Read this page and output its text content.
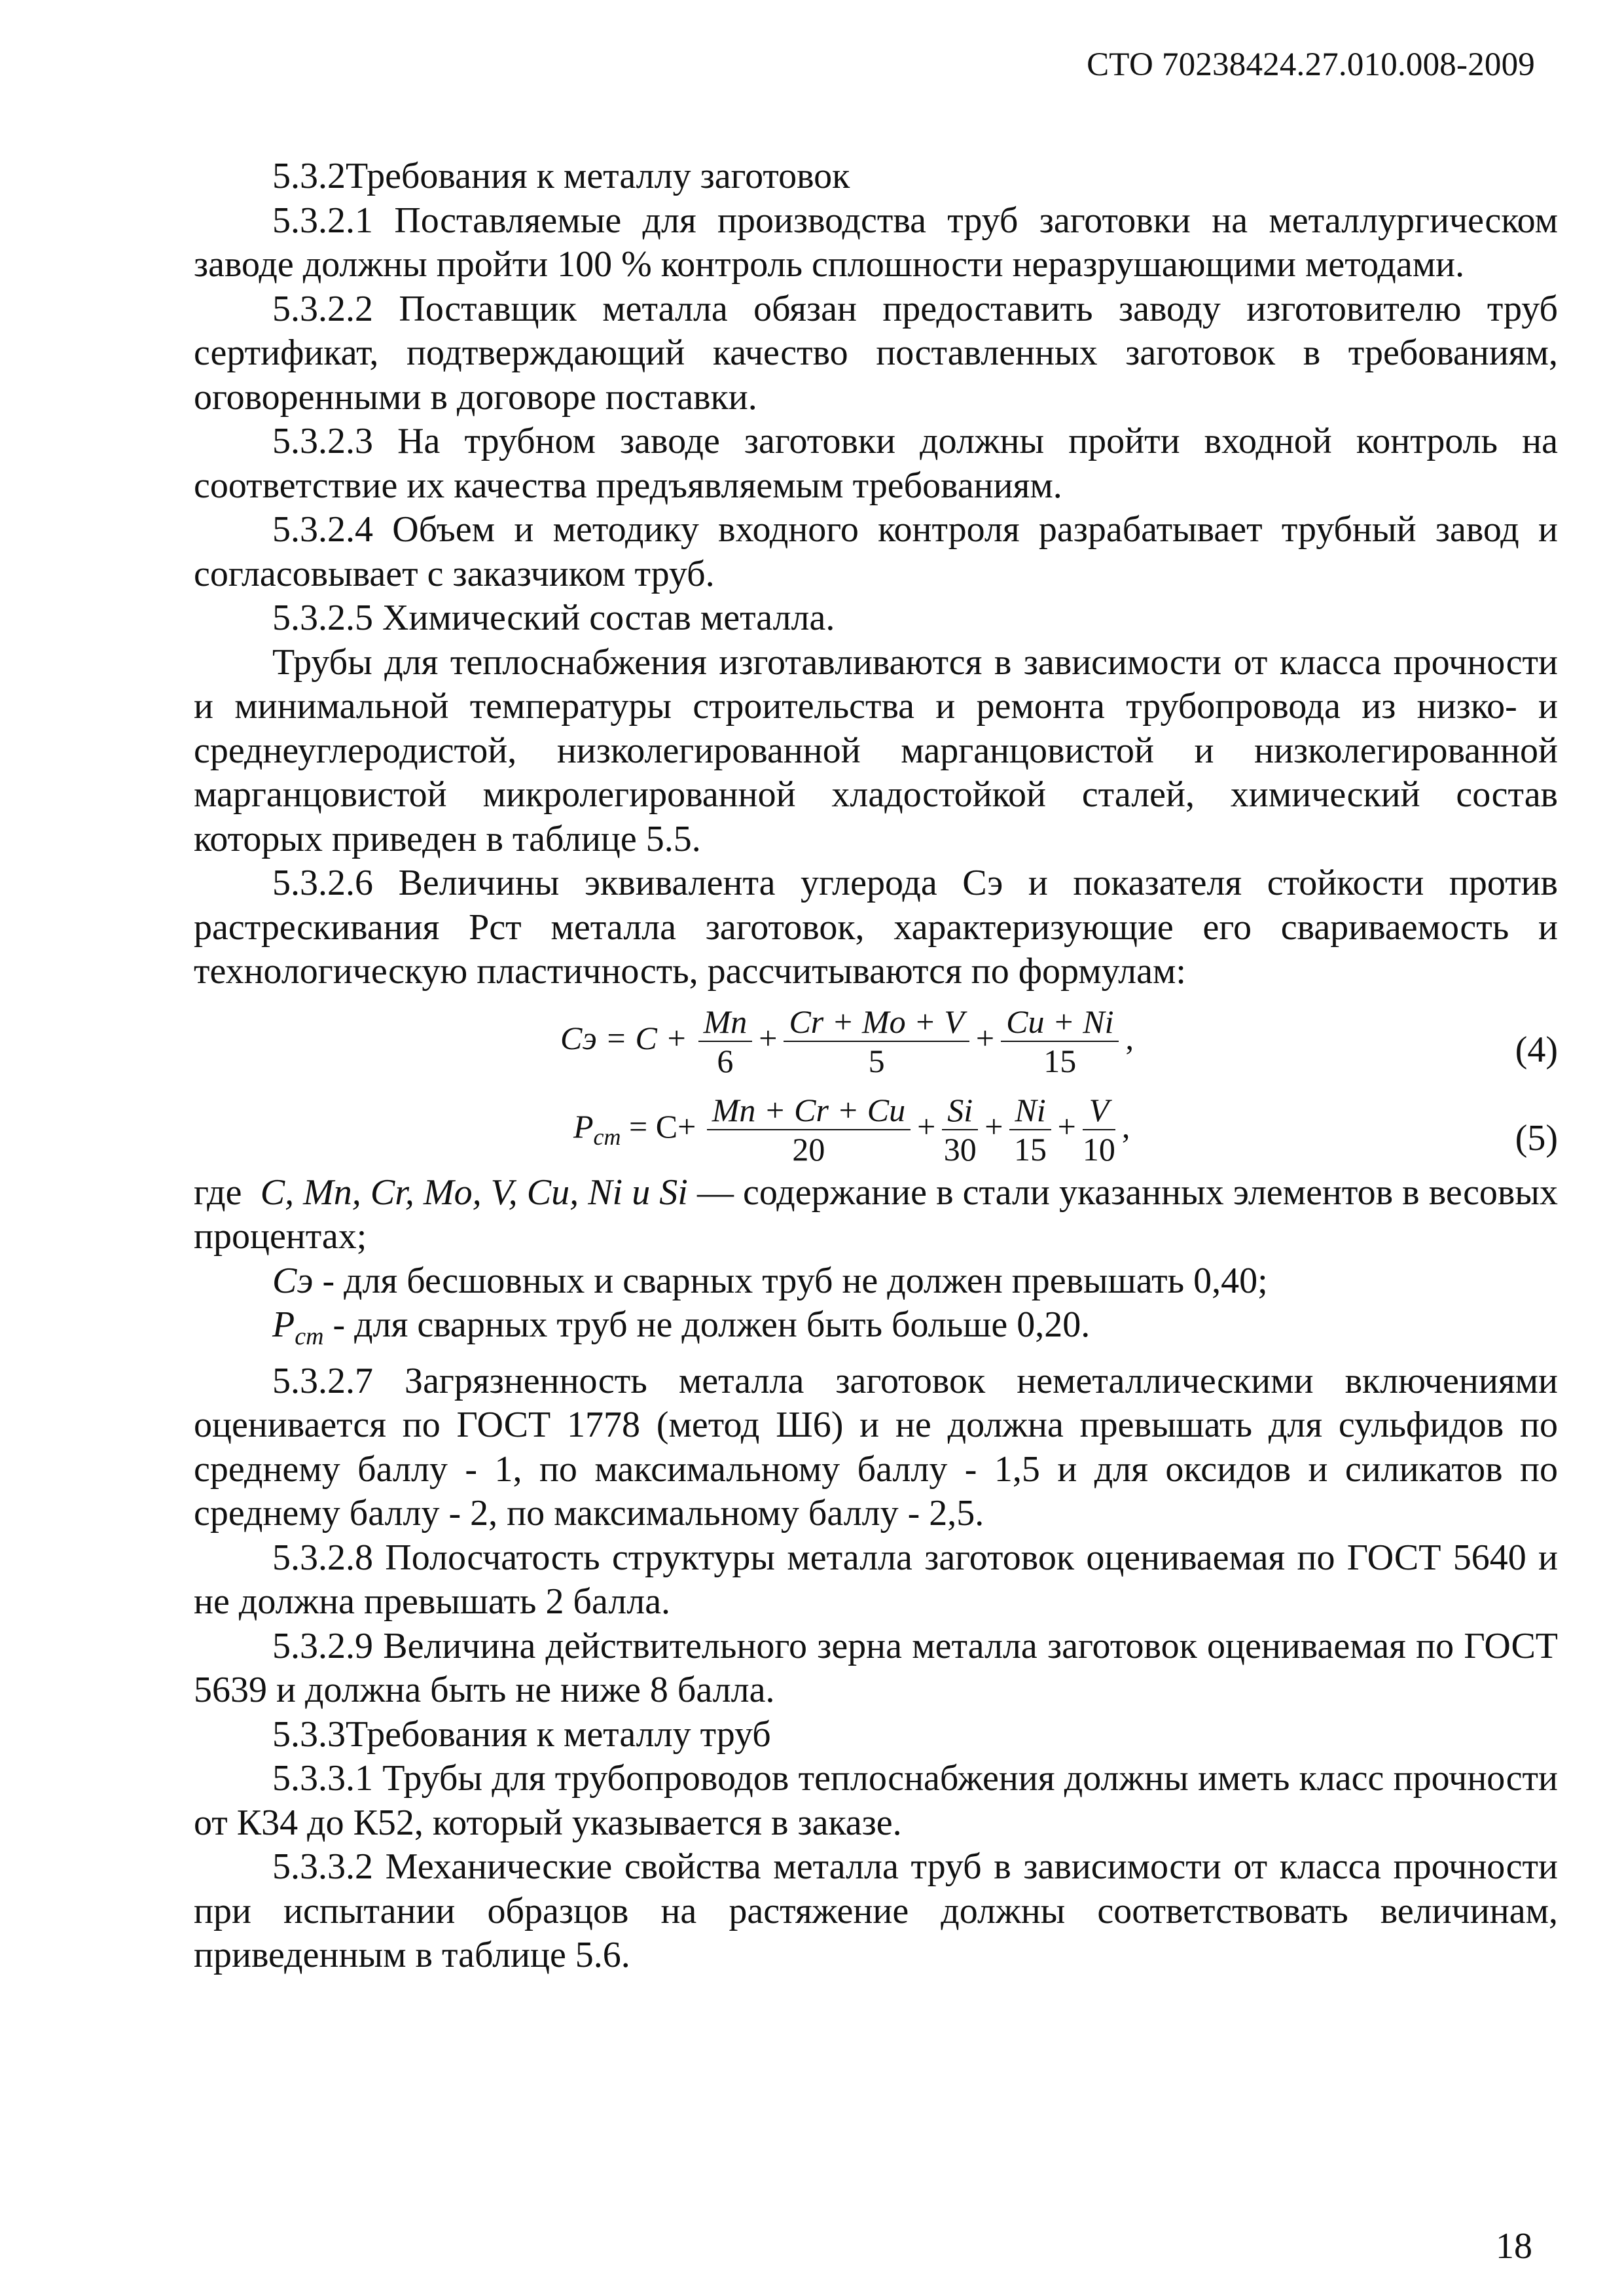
СТО 70238424.27.010.008-2009

5.3.2Требования к металлу заготовок

5.3.2.1 Поставляемые для производства труб заготовки на металлургическом заводе должны пройти 100 % контроль сплошности неразрушающими методами.

5.3.2.2 Поставщик металла обязан предоставить заводу изготовителю труб сертификат, подтверждающий качество поставленных заготовок в требованиям, оговоренными в договоре поставки.

5.3.2.3 На трубном заводе заготовки должны пройти входной контроль на соответствие их качества предъявляемым требованиям.

5.3.2.4 Объем и методику входного контроля разрабатывает трубный завод и согласовывает с заказчиком труб.

5.3.2.5 Химический состав металла.

Трубы для теплоснабжения изготавливаются в зависимости от класса прочности и минимальной температуры строительства и ремонта трубопровода из низко- и среднеуглеродистой, низколегированной марганцовистой и низколегированной марганцовистой микролегированной хладостойкой сталей, химический состав которых приведен в таблице 5.5.

5.3.2.6 Величины эквивалента углерода Сэ и показателя стойкости против растрескивания Рст металла заготовок, характеризующие его свариваемость и технологическую пластичность, рассчитываются по формулам:

Сэ = $C + \frac{Mn}{6} + \frac{Cr + Mo + V}{5} + \frac{Cu + Ni}{15}$ ,	(4)
$P_{cm} = C+ \frac{Mn + Cr + Cu}{20} + \frac{Si}{30} + \frac{Ni}{15} + \frac{V}{10}$ ,	(5)

где C, Mn, Cr, Mo, V, Cu, Ni и Si — содержание в стали указанных элементов в весовых процентах;

Сэ - для бесшовных и сварных труб не должен превышать 0,40;

$P_{cm}$ - для сварных труб не должен быть больше 0,20.

5.3.2.7 Загрязненность металла заготовок неметаллическими включениями оценивается по ГОСТ 1778 (метод Ш6) и не должна превышать для сульфидов по среднему баллу - 1, по максимальному баллу - 1,5 и для оксидов и силикатов по среднему баллу - 2, по максимальному баллу - 2,5.

5.3.2.8 Полосчатость структуры металла заготовок оцениваемая по ГОСТ 5640 и не должна превышать 2 балла.

5.3.2.9 Величина действительного зерна металла заготовок оцениваемая по ГОСТ 5639 и должна быть не ниже 8 балла.

5.3.3Требования к металлу труб

5.3.3.1 Трубы для трубопроводов теплоснабжения должны иметь класс прочности от К34 до К52, который указывается в заказе.

5.3.3.2 Механические свойства металла труб в зависимости от класса прочности при испытании образцов на растяжение должны соответствовать величинам, приведенным в таблице 5.6.

18
